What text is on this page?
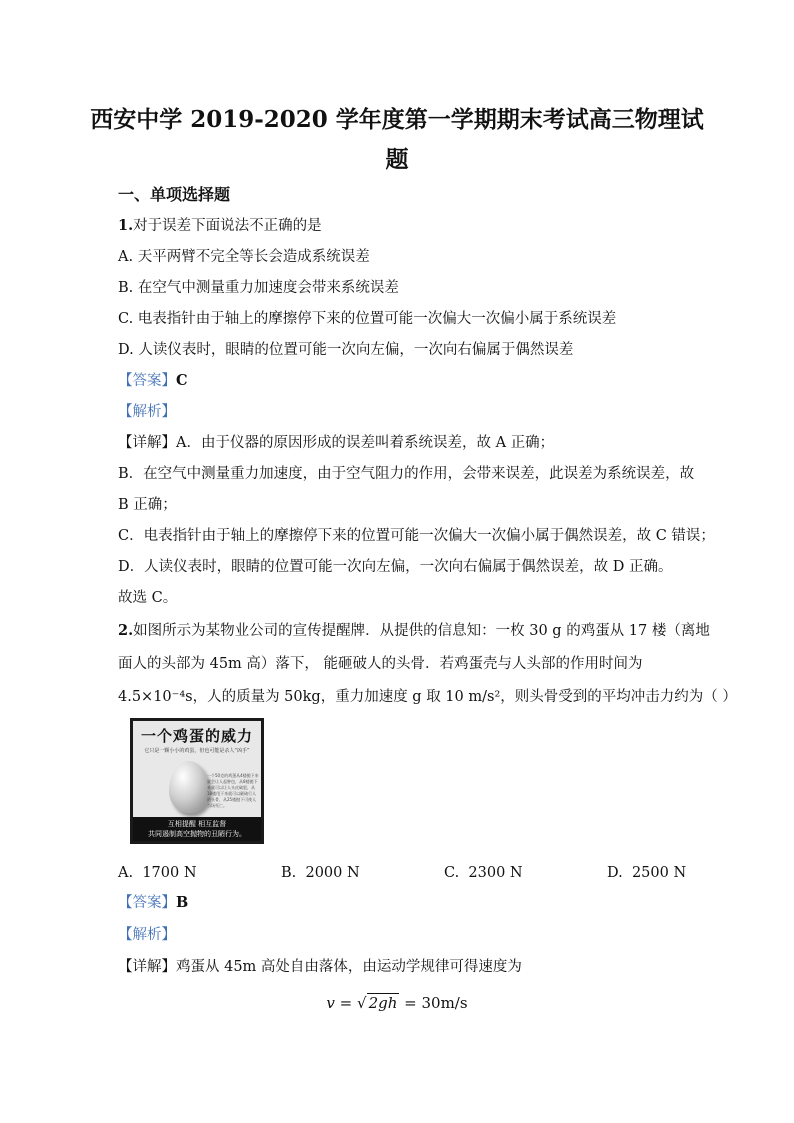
西安中学 2019-2020 学年度第一学期期末考试高三物理试
题
一、单项选择题
1.对于误差下面说法不正确的是
A. 天平两臂不完全等长会造成系统误差
B. 在空气中测量重力加速度会带来系统误差
C. 电表指针由于轴上的摩擦停下来的位置可能一次偏大一次偏小属于系统误差
D. 人读仪表时，眼睛的位置可能一次向左偏，一次向右偏属于偶然误差
【答案】C
【解析】
【详解】A．由于仪器的原因形成的误差叫着系统误差，故 A 正确；
B．在空气中测量重力加速度，由于空气阻力的作用，会带来误差，此误差为系统误差，故
B 正确；
C．电表指针由于轴上的摩擦停下来的位置可能一次偏大一次偏小属于偶然误差，故 C 错误；
D．人读仪表时，眼睛的位置可能一次向左偏，一次向右偏属于偶然误差，故 D 正确。
故选 C。
2.如图所示为某物业公司的宣传提醒牌．从提供的信息知：一枚 30 g 的鸡蛋从 17 楼（离地
面人的头部为 45m 高）落下， 能砸破人的头骨．若鸡蛋壳与人头部的作用时间为
4.5×10⁻⁴s，人的质量为 50kg，重力加速度 g 取 10 m/s²，则头骨受到的平均冲击力约为（ ）
一个鸡蛋的威力
它只是一颗小小的鸡蛋，但也可能是杀人“凶手”
一个50克的鸡蛋从4楼抛下来就会让人起肿包，从8楼抛下来就可以让人头皮破裂，从18楼甩下来就可以砸破行人的头骨，从25楼抛下可使人当场死亡。
互相提醒 相互监督
共同遏制高空抛物的丑陋行为。
A. 1700 N	B. 2000 N	C. 2300 N	D. 2500 N
【答案】B
【解析】
【详解】鸡蛋从 45m 高处自由落体，由运动学规律可得速度为
v = √ 2gh = 30m/s
